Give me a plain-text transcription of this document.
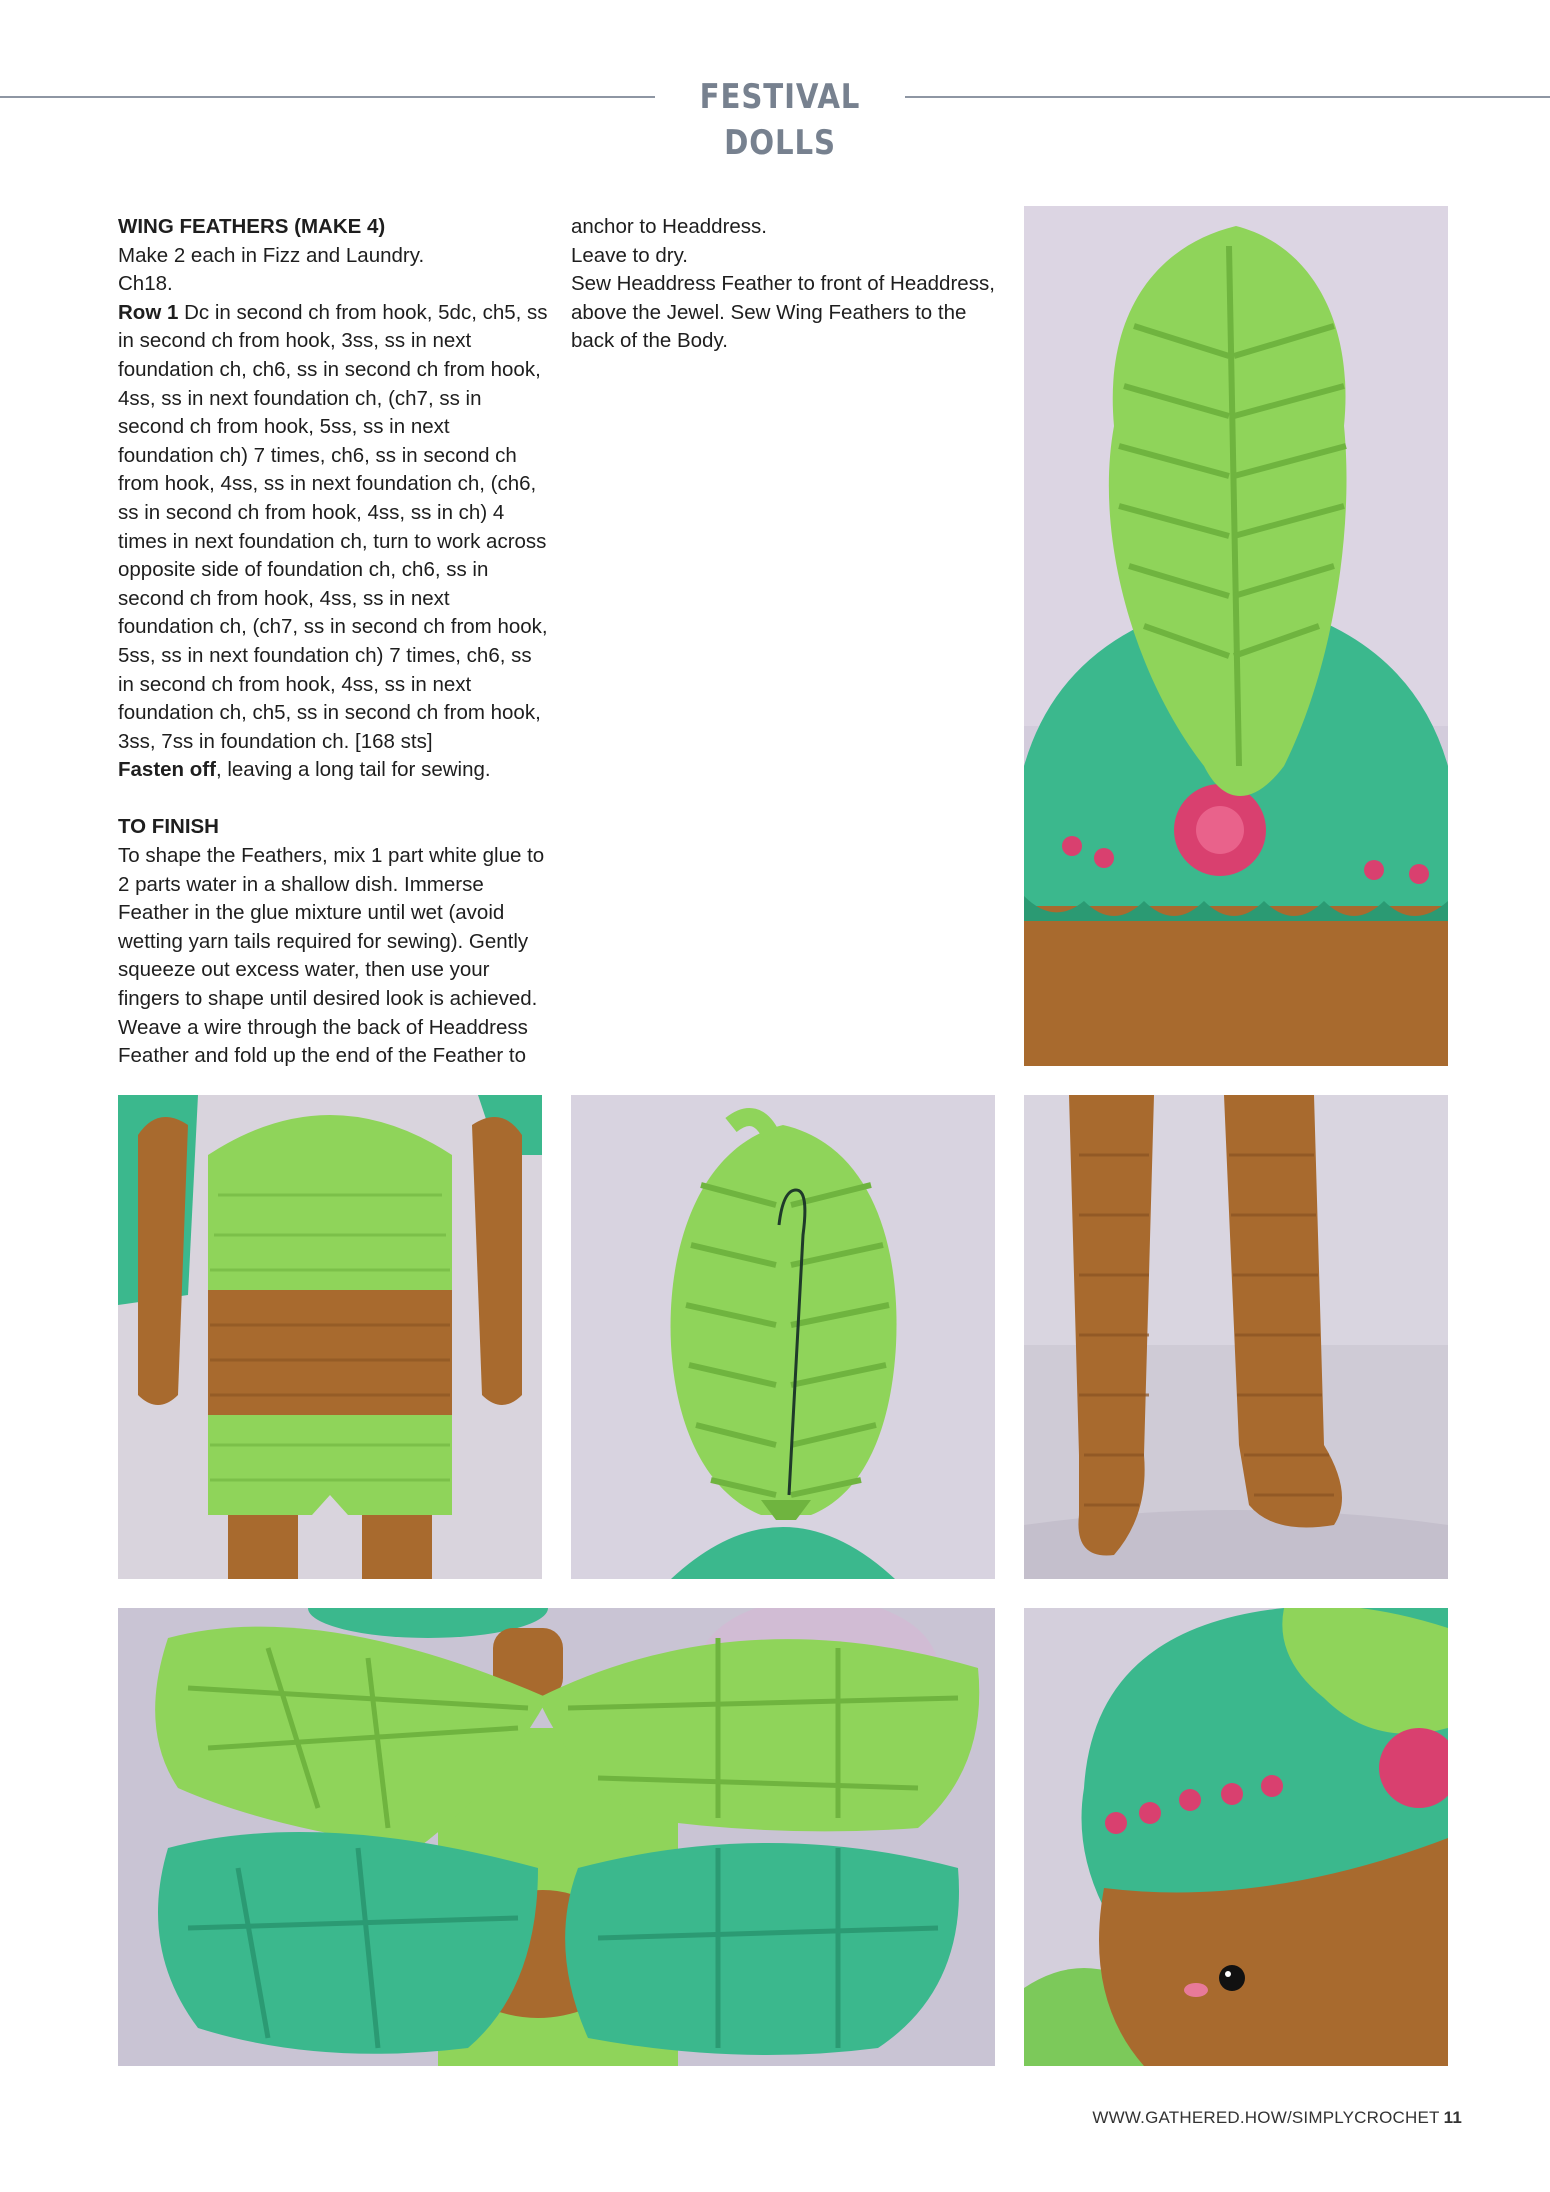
FESTIVAL DOLLS

WING FEATHERS (MAKE 4)

Make 2 each in Fizz and Laundry.

Ch18.

Row 1 Dc in second ch from hook, 5dc, ch5, ss in second ch from hook, 3ss, ss in next foundation ch, ch6, ss in second ch from hook, 4ss, ss in next foundation ch, (ch7, ss in second ch from hook, 5ss, ss in next foundation ch) 7 times, ch6, ss in second ch from hook, 4ss, ss in next foundation ch, (ch6, ss in second ch from hook, 4ss, ss in ch) 4 times in next foundation ch, turn to work across opposite side of foundation ch, ch6, ss in second ch from hook, 4ss, ss in next foundation ch, (ch7, ss in second ch from hook, 5ss, ss in next foundation ch) 7 times, ch6, ss in second ch from hook, 4ss, ss in next foundation ch, ch5, ss in second ch from hook, 3ss, 7ss in foundation ch. [168 sts]

Fasten off, leaving a long tail for sewing.

TO FINISH

To shape the Feathers, mix 1 part white glue to 2 parts water in a shallow dish. Immerse Feather in the glue mixture until wet (avoid wetting yarn tails required for sewing). Gently squeeze out excess water, then use your fingers to shape until desired look is achieved.

Weave a wire through the back of Headdress Feather and fold up the end of the Feather to

anchor to Headdress.

Leave to dry.

Sew Headdress Feather to front of Headdress, above the Jewel. Sew Wing Feathers to the back of the Body.

WWW.GATHERED.HOW/SIMPLYCROCHET 11
